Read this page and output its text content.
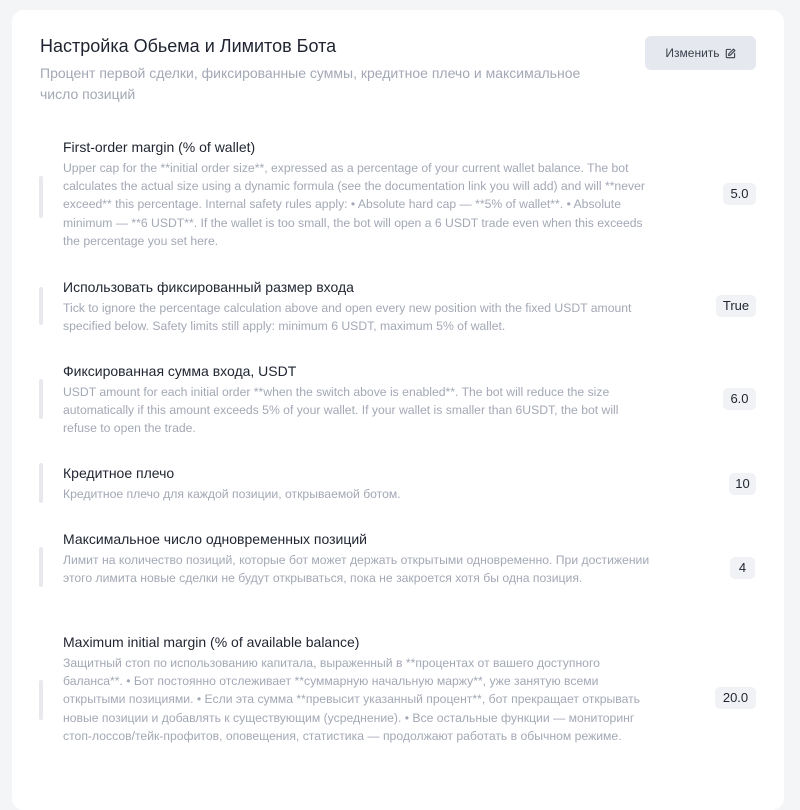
Настройка Обьема и Лимитов Бота
Процент первой сделки, фиксированные суммы, кредитное плечо и максимальное число позиций
Изменить
First-order margin (% of wallet)
Upper cap for the **initial order size**, expressed as a percentage of your current wallet balance. The bot calculates the actual size using a dynamic formula (see the documentation link you will add) and will **never exceed** this percentage. Internal safety rules apply: • Absolute hard cap — **5% of wallet**. • Absolute minimum — **6 USDT**. If the wallet is too small, the bot will open a 6 USDT trade even when this exceeds the percentage you set here.
5.0
Использовать фиксированный размер входа
Tick to ignore the percentage calculation above and open every new position with the fixed USDT amount specified below. Safety limits still apply: minimum 6 USDT, maximum 5% of wallet.
True
Фиксированная сумма входа, USDT
USDT amount for each initial order **when the switch above is enabled**. The bot will reduce the size automatically if this amount exceeds 5% of your wallet. If your wallet is smaller than 6USDT, the bot will refuse to open the trade.
6.0
Кредитное плечо
Кредитное плечо для каждой позиции, открываемой ботом.
10
Максимальное число одновременных позиций
Лимит на количество позиций, которые бот может держать открытыми одновременно. При достижении этого лимита новые сделки не будут открываться, пока не закроется хотя бы одна позиция.
4
Maximum initial margin (% of available balance)
Защитный стоп по использованию капитала, выраженный в **процентах от вашего доступного баланса**. • Бот постоянно отслеживает **суммарную начальную маржу**, уже занятую всеми открытыми позициями. • Если эта сумма **превысит указанный процент**, бот прекращает открывать новые позиции и добавлять к существующим (усреднение). • Все остальные функции — мониторинг стоп-лоссов/тейк-профитов, оповещения, статистика — продолжают работать в обычном режиме.
20.0
